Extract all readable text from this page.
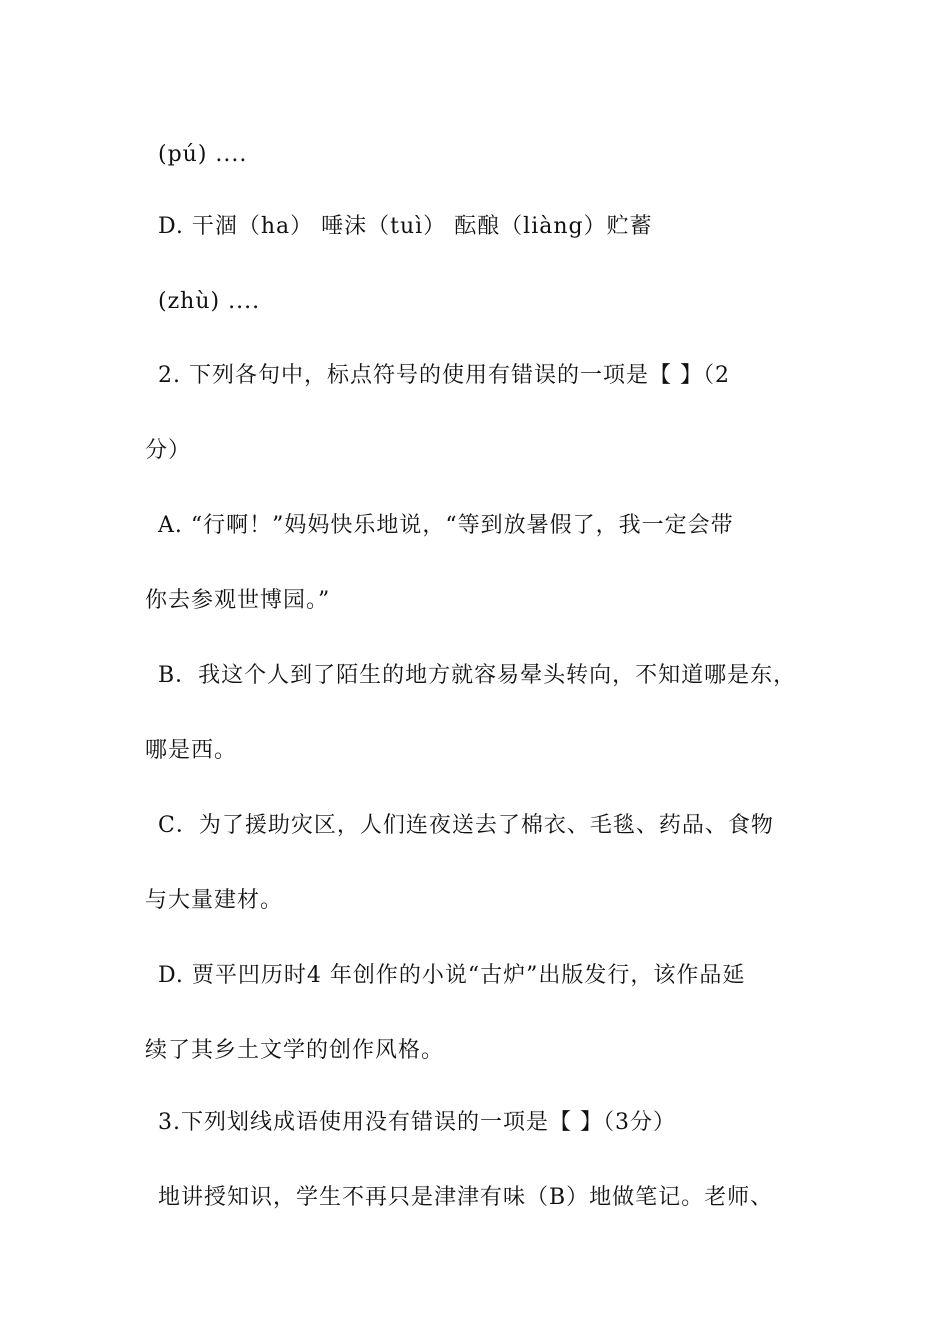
(pú) ....
D. 干涸（ha） 唾沫（tuì） 酝酿（liàng）贮蓄
(zhù) ....
2. 下列各句中，标点符号的使用有错误的一项是【 】（2
分）
A. “行啊！”妈妈快乐地说，“等到放暑假了，我一定会带
你去参观世博园。”
B．我这个人到了陌生的地方就容易晕头转向，不知道哪是东，
哪是西。
C．为了援助灾区，人们连夜送去了棉衣、毛毯、药品、食物
与大量建材。
D. 贾平凹历时4 年创作的小说“古炉”出版发行，该作品延
续了其乡土文学的创作风格。
3.下列划线成语使用没有错误的一项是【 】（3分）
地讲授知识，学生不再只是津津有味（B）地做笔记。老师、
